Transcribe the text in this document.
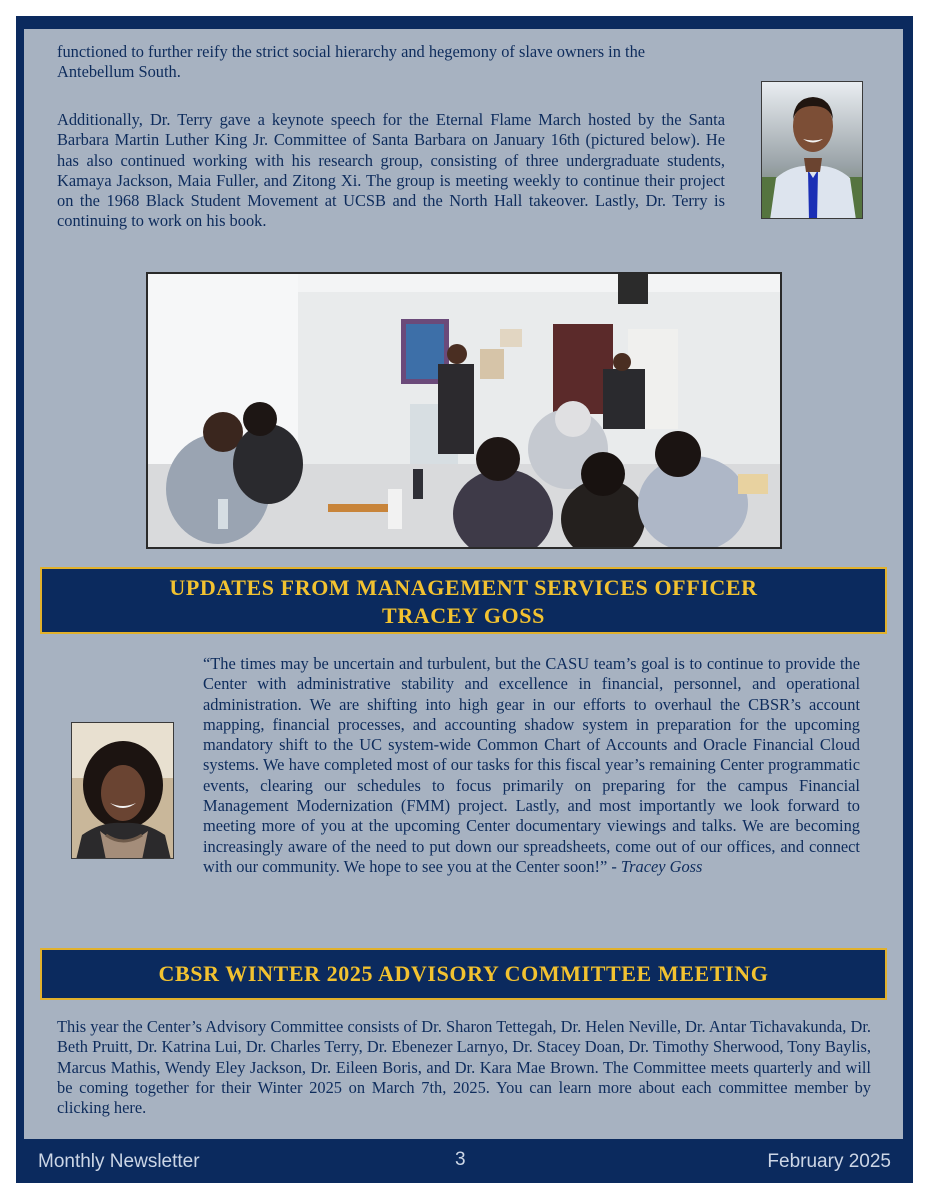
functioned to further reify the strict social hierarchy and hegemony of slave owners in the Antebellum South.

Additionally, Dr. Terry gave a keynote speech for the Eternal Flame March hosted by the Santa Barbara Martin Luther King Jr. Committee of Santa Barbara on January 16th (pictured below). He has also continued working with his research group, consisting of three undergraduate students, Kamaya Jackson, Maia Fuller, and Zitong Xi. The group is meeting weekly to continue their project on the 1968 Black Student Movement at UCSB and the North Hall takeover. Lastly, Dr. Terry is continuing to work on his book.

UPDATES FROM MANAGEMENT SERVICES OFFICER
TRACEY GOSS

“The times may be uncertain and turbulent, but the CASU team’s goal is to continue to provide the Center with administrative stability and excellence in financial, personnel, and operational administration. We are shifting into high gear in our efforts to overhaul the CBSR’s account mapping, financial processes, and accounting shadow system in preparation for the upcoming mandatory shift to the UC system-wide Common Chart of Accounts and Oracle Financial Cloud systems. We have completed most of our tasks for this fiscal year’s remaining Center programmatic events, clearing our schedules to focus primarily on preparing for the campus Financial Management Modernization (FMM) project. Lastly, and most importantly we look forward to meeting more of you at the upcoming Center documentary viewings and talks. We are becoming increasingly aware of the need to put down our spreadsheets, come out of our offices, and connect with our community. We hope to see you at the Center soon!” - Tracey Goss

CBSR WINTER 2025 ADVISORY COMMITTEE MEETING

This year the Center’s Advisory Committee consists of Dr. Sharon Tettegah, Dr. Helen Neville, Dr. Antar Tichavakunda, Dr. Beth Pruitt, Dr. Katrina Lui, Dr. Charles Terry, Dr. Ebenezer Larnyo, Dr. Stacey Doan, Dr. Timothy Sherwood, Tony Baylis, Marcus Mathis, Wendy Eley Jackson, Dr. Eileen Boris, and Dr. Kara Mae Brown. The Committee meets quarterly and will be coming together for their Winter 2025 on March 7th, 2025. You can learn more about each committee member by clicking here.

Monthly Newsletter	3	February 2025
